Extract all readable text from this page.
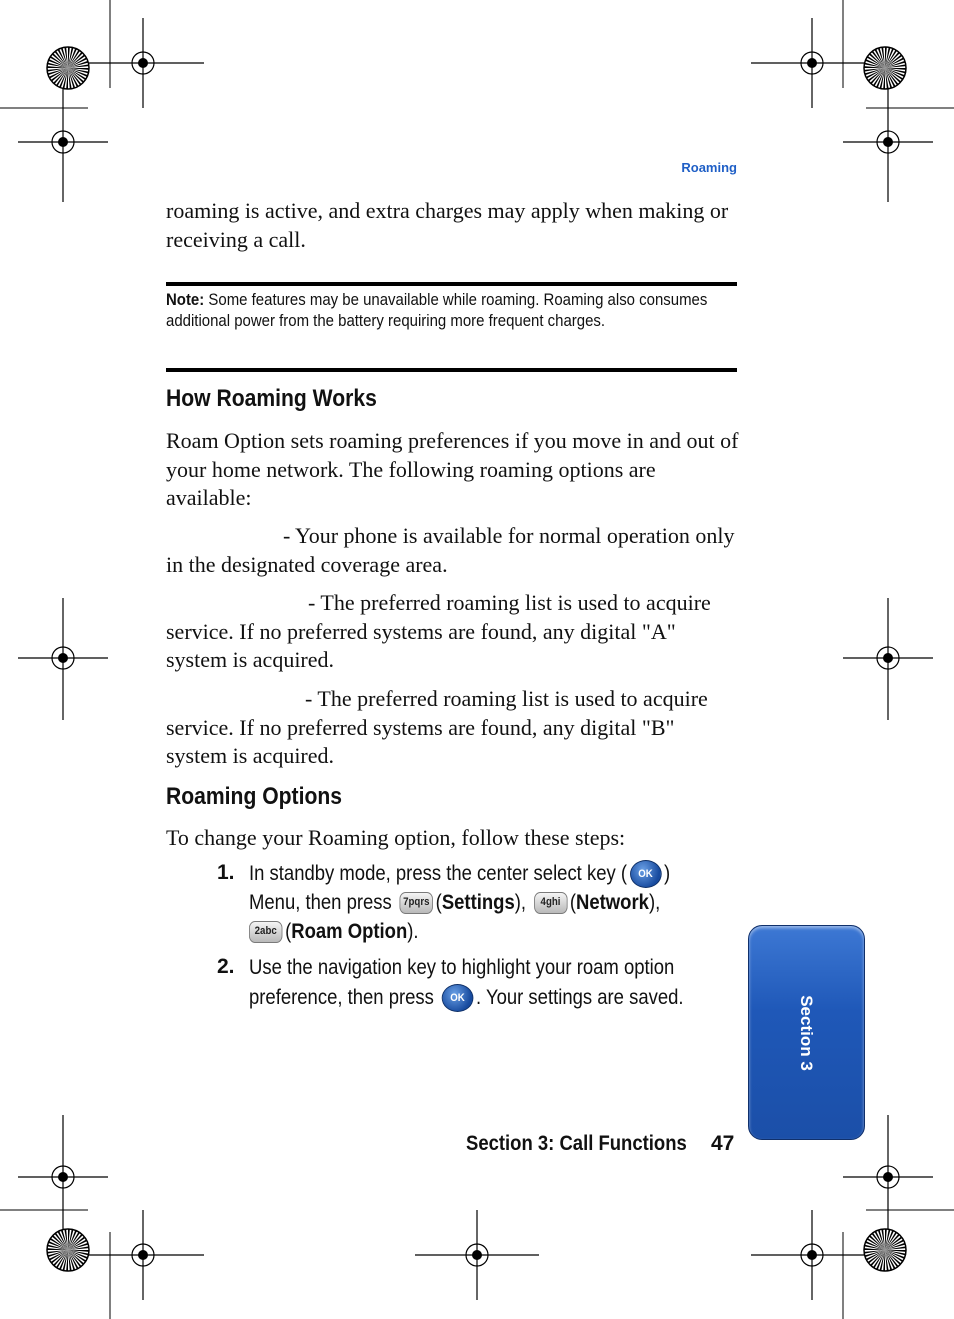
Roaming
roaming is active, and extra charges may apply when making or receiving a call.
Note: Some features may be unavailable while roaming. Roaming also consumes additional power from the battery requiring more frequent charges.
How Roaming Works
Roam Option sets roaming preferences if you move in and out of your home network. The following roaming options are available:
- Your phone is available for normal operation only in the designated coverage area.
- The preferred roaming list is used to acquire service. If no preferred systems are found, any digital "A" system is acquired.
- The preferred roaming list is used to acquire service. If no preferred systems are found, any digital "B" system is acquired.
Roaming Options
To change your Roaming option, follow these steps:
1. In standby mode, press the center select key ( OK )
Menu, then press 7pqrs (Settings), 4ghi (Network),
2abc (Roam Option).
2. Use the navigation key to highlight your roam option
preference, then press OK . Your settings are saved.	Section 3
Section 3: Call Functions 47
